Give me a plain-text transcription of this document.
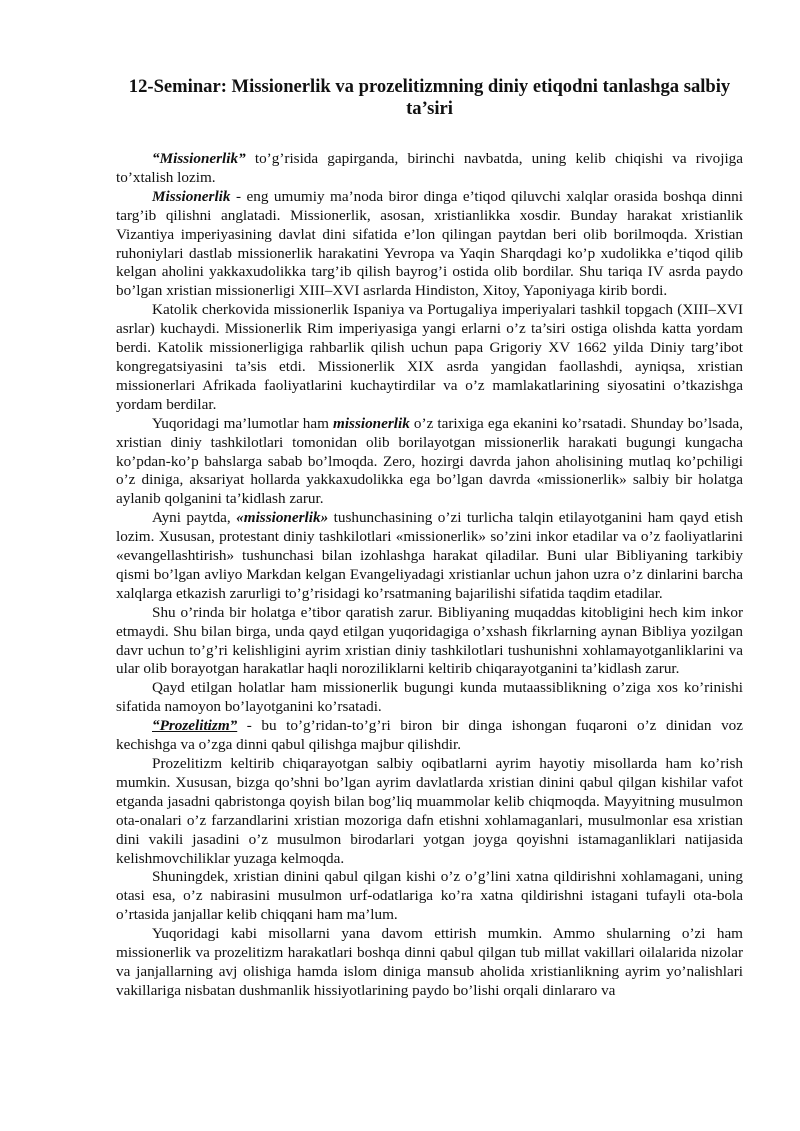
12-Seminar: Missionerlik va prozelitizmning diniy etiqodni tanlashga salbiy
ta’siri

“Missionerlik” to’g’risida gapirganda, birinchi navbatda, uning kelib chiqishi va rivojiga to’xtalish lozim.

Missionerlik - eng umumiy ma’noda biror dinga e’tiqod qiluvchi xalqlar orasida boshqa dinni targ’ib qilishni anglatadi. Missionerlik, asosan, xristianlikka xosdir. Bunday harakat xristianlik Vizantiya imperiyasining davlat dini sifatida e’lon qilingan paytdan beri olib borilmoqda. Xristian ruhoniylari dastlab missionerlik harakatini Yevropa va Yaqin Sharqdagi ko’p xudolikka e’tiqod qilib kelgan aholini yakkaxudolikka targ’ib qilish bayrog’i ostida olib bordilar. Shu tariqa IV asrda paydo bo’lgan xristian missionerligi XIII–XVI asrlarda Hindiston, Xitoy, Yaponiyaga kirib bordi.

Katolik cherkovida missionerlik Ispaniya va Portugaliya imperiyalari tashkil topgach (XIII–XVI asrlar) kuchaydi. Missionerlik Rim imperiyasiga yangi erlarni o’z ta’siri ostiga olishda katta yordam berdi. Katolik missionerligiga rahbarlik qilish uchun papa Grigoriy XV 1662 yilda Diniy targ’ibot kongregatsiyasini ta’sis etdi. Missionerlik XIX asrda yangidan faollashdi, ayniqsa, xristian missionerlari Afrikada faoliyatlarini kuchaytirdilar va o’z mamlakatlarining siyosatini o’tkazishga yordam berdilar.

Yuqoridagi ma’lumotlar ham missionerlik o’z tarixiga ega ekanini ko’rsatadi. Shunday bo’lsada, xristian diniy tashkilotlari tomonidan olib borilayotgan missionerlik harakati bugungi kungacha ko’pdan-ko’p bahslarga sabab bo’lmoqda. Zero, hozirgi davrda jahon aholisining mutlaq ko’pchiligi o’z diniga, aksariyat hollarda yakkaxudolikka ega bo’lgan davrda «missionerlik» salbiy bir holatga aylanib qolganini ta’kidlash zarur.

Ayni paytda, «missionerlik» tushunchasining o’zi turlicha talqin etilayotganini ham qayd etish lozim. Xususan, protestant diniy tashkilotlari «missionerlik» so’zini inkor etadilar va o’z faoliyatlarini «evangellashtirish» tushunchasi bilan izohlashga harakat qiladilar. Buni ular Bibliyaning tarkibiy qismi bo’lgan avliyo Markdan kelgan Evangeliyadagi xristianlar uchun jahon uzra o’z dinlarini barcha xalqlarga etkazish zarurligi to’g’risidagi ko’rsatmaning bajarilishi sifatida taqdim etadilar.

Shu o’rinda bir holatga e’tibor qaratish zarur. Bibliyaning muqaddas kitobligini hech kim inkor etmaydi. Shu bilan birga, unda qayd etilgan yuqoridagiga o’xshash fikrlarning aynan Bibliya yozilgan davr uchun to’g’ri kelishligini ayrim xristian diniy tashkilotlari tushunishni xohlamayotganliklarini va ular olib borayotgan harakatlar haqli noroziliklarni keltirib chiqarayotganini ta’kidlash zarur.

Qayd etilgan holatlar ham missionerlik bugungi kunda mutaassiblikning o’ziga xos ko’rinishi sifatida namoyon bo’layotganini ko’rsatadi.

“Prozelitizm” - bu to’g’ridan-to’g’ri biron bir dinga ishongan fuqaroni o’z dinidan voz kechishga va o’zga dinni qabul qilishga majbur qilishdir.

Prozelitizm keltirib chiqarayotgan salbiy oqibatlarni ayrim hayotiy misollarda ham ko’rish mumkin. Xususan, bizga qo’shni bo’lgan ayrim davlatlarda xristian dinini qabul qilgan kishilar vafot etganda jasadni qabristonga qoyish bilan bog’liq muammolar kelib chiqmoqda. Mayyitning musulmon ota-onalari o’z farzandlarini xristian mozoriga dafn etishni xohlamaganlari, musulmonlar esa xristian dini vakili jasadini o’z musulmon birodarlari yotgan joyga qoyishni istamaganliklari natijasida kelishmovchiliklar yuzaga kelmoqda.

Shuningdek, xristian dinini qabul qilgan kishi o’z o’g’lini xatna qildirishni xohlamagani, uning otasi esa, o’z nabirasini musulmon urf-odatlariga ko’ra xatna qildirishni istagani tufayli ota-bola o’rtasida janjallar kelib chiqqani ham ma’lum.

Yuqoridagi kabi misollarni yana davom ettirish mumkin. Ammo shularning o’zi ham missionerlik va prozelitizm harakatlari boshqa dinni qabul qilgan tub millat vakillari oilalarida nizolar va janjallarning avj olishiga hamda islom diniga mansub aholida xristianlikning ayrim yo’nalishlari vakillariga nisbatan dushmanlik hissiyotlarining paydo bo’lishi orqali dinlararo va
